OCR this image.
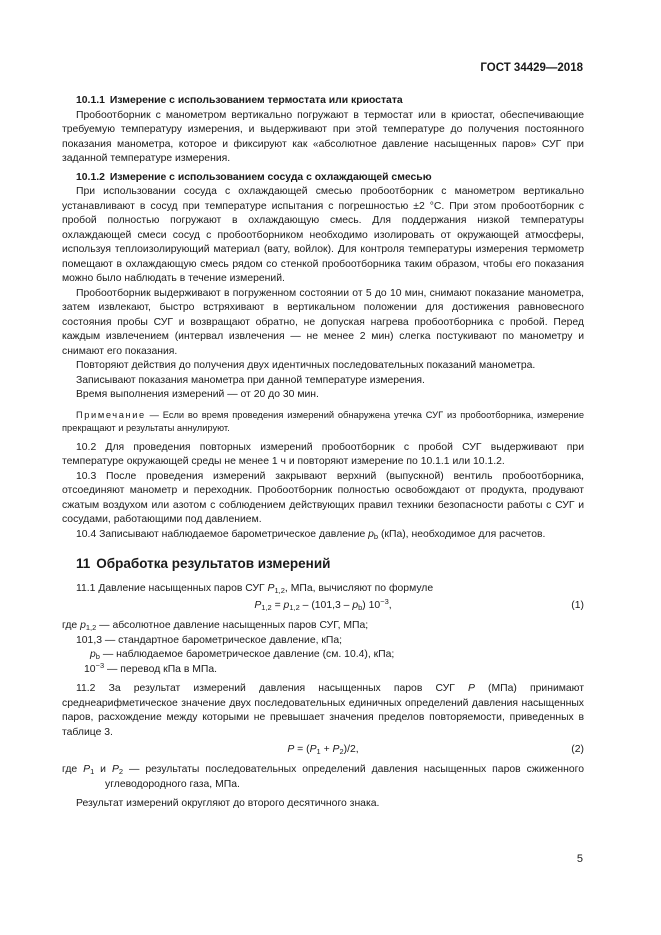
ГОСТ 34429—2018
10.1.1 Измерение с использованием термостата или криостата

Пробоотборник с манометром вертикально погружают в термостат или в криостат, обеспечивающие требуемую температуру измерения, и выдерживают при этой температуре до получения постоянного показания манометра, которое и фиксируют как «абсолютное давление насыщенных паров» СУГ при заданной температуре измерения.

10.1.2 Измерение с использованием сосуда с охлаждающей смесью

При использовании сосуда с охлаждающей смесью пробоотборник с манометром вертикально устанавливают в сосуд при температуре испытания с погрешностью ±2 °С. При этом пробоотборник с пробой полностью погружают в охлаждающую смесь. Для поддержания низкой температуры охлаждающей смеси сосуд с пробоотборником необходимо изолировать от окружающей атмосферы, используя теплоизолирующий материал (вату, войлок). Для контроля температуры измерения термометр помещают в охлаждающую смесь рядом со стенкой пробоотборника таким образом, чтобы его показания можно было наблюдать в течение измерений.

Пробоотборник выдерживают в погруженном состоянии от 5 до 10 мин, снимают показание манометра, затем извлекают, быстро встряхивают в вертикальном положении для достижения равновесного состояния пробы СУГ и возвращают обратно, не допуская нагрева пробоотборника с пробой. Перед каждым извлечением (интервал извлечения — не менее 2 мин) слегка постукивают по манометру и снимают его показания.

Повторяют действия до получения двух идентичных последовательных показаний манометра.

Записывают показания манометра при данной температуре измерения.

Время выполнения измерений — от 20 до 30 мин.

Примечание — Если во время проведения измерений обнаружена утечка СУГ из пробоотборника, измерение прекращают и результаты аннулируют.

10.2 Для проведения повторных измерений пробоотборник с пробой СУГ выдерживают при температуре окружающей среды не менее 1 ч и повторяют измерение по 10.1.1 или 10.1.2.

10.3 После проведения измерений закрывают верхний (выпускной) вентиль пробоотборника, отсоединяют манометр и переходник. Пробоотборник полностью освобождают от продукта, продувают сжатым воздухом или азотом с соблюдением действующих правил техники безопасности работы с СУГ и сосудами, работающими под давлением.

10.4 Записывают наблюдаемое барометрическое давление $p_b$ (кПа), необходимое для расчетов.

11 Обработка результатов измерений

11.1 Давление насыщенных паров СУГ $P_{1,2}$, МПа, вычисляют по формуле

$P_{1,2} = p_{1,2} - (101,3 - p_b)$ $10^{-3}$,	(1)
где $p_{1,2}$ — абсолютное давление насыщенных паров СУГ, МПа;
101,3 — стандартное барометрическое давление, кПа;
$p_b$ — наблюдаемое барометрическое давление (см. 10.4), кПа;
$10^{-3}$ — перевод кПа в МПа.

11.2 За результат измерений давления насыщенных паров СУГ P (МПа) принимают среднеарифметическое значение двух последовательных единичных определений давления насыщенных паров, расхождение между которыми не превышает значения пределов повторяемости, приведенных в таблице 3.

$P = (P_1 + P_2)/2$,	(2)

где $P_1$ и $P_2$ — результаты последовательных определений давления насыщенных паров сжиженного углеводородного газа, МПа.

Результат измерений округляют до второго десятичного знака.

5
